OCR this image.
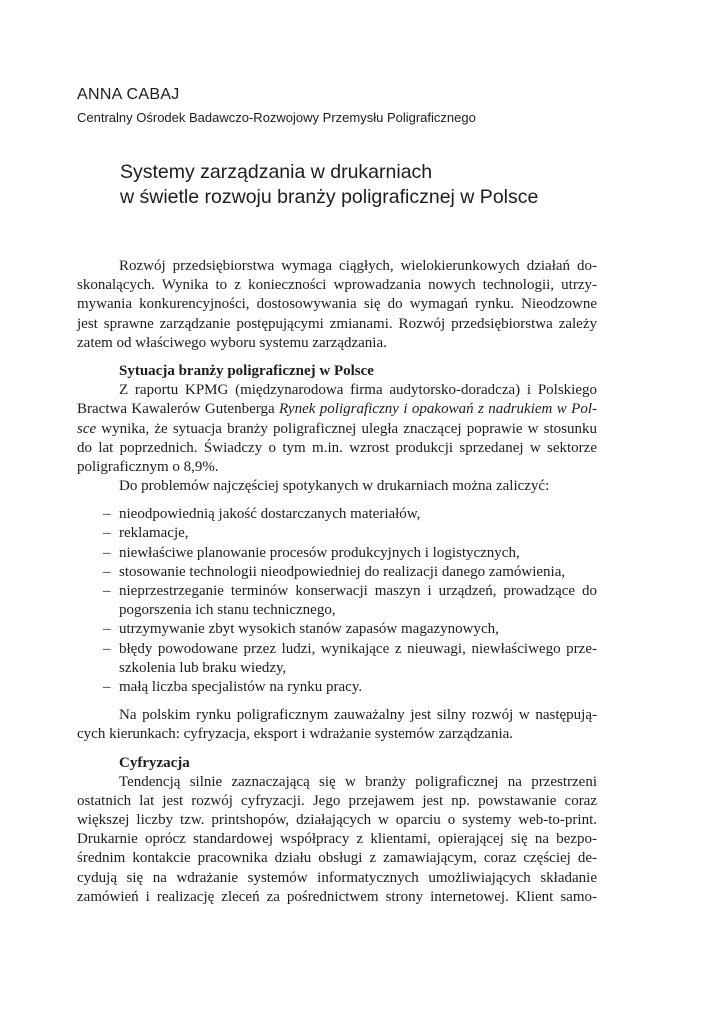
ANNA CABAJ
Centralny Ośrodek Badawczo-Rozwojowy Przemysłu Poligraficznego
Systemy zarządzania w drukarniach
w świetle rozwoju branży poligraficznej w Polsce
Rozwój przedsiębiorstwa wymaga ciągłych, wielokierunkowych działań do-
skonalących. Wynika to z konieczności wprowadzania nowych technologii, utrzy-
mywania konkurencyjności, dostosowywania się do wymagań rynku. Nieodzowne
jest sprawne zarządzanie postępującymi zmianami. Rozwój przedsiębiorstwa zależy
zatem od właściwego wyboru systemu zarządzania.
Sytuacja branży poligraficznej w Polsce
Z raportu KPMG (międzynarodowa firma audytorsko-doradcza) i Polskiego
Bractwa Kawalerów Gutenberga Rynek poligraficzny i opakowań z nadrukiem w Pol-
sce wynika, że sytuacja branży poligraficznej uległa znaczącej poprawie w stosunku
do lat poprzednich. Świadczy o tym m.in. wzrost produkcji sprzedanej w sektorze
poligraficznym o 8,9%.
Do problemów najczęściej spotykanych w drukarniach można zaliczyć:
– nieodpowiednią jakość dostarczanych materiałów,
– reklamacje,
– niewłaściwe planowanie procesów produkcyjnych i logistycznych,
– stosowanie technologii nieodpowiedniej do realizacji danego zamówienia,
– nieprzestrzeganie terminów konserwacji maszyn i urządzeń, prowadzące do
pogorszenia ich stanu technicznego,
– utrzymywanie zbyt wysokich stanów zapasów magazynowych,
– błędy powodowane przez ludzi, wynikające z nieuwagi, niewłaściwego prze-
szkolenia lub braku wiedzy,
– małą liczba specjalistów na rynku pracy.
Na polskim rynku poligraficznym zauważalny jest silny rozwój w następują-
cych kierunkach: cyfryzacja, eksport i wdrażanie systemów zarządzania.
Cyfryzacja
Tendencją silnie zaznaczającą się w branży poligraficznej na przestrzeni
ostatnich lat jest rozwój cyfryzacji. Jego przejawem jest np. powstawanie coraz
większej liczby tzw. printshopów, działających w oparciu o systemy web-to-print.
Drukarnie oprócz standardowej współpracy z klientami, opierającej się na bezpo-
średnim kontakcie pracownika działu obsługi z zamawiającym, coraz częściej de-
cydują się na wdrażanie systemów informatycznych umożliwiających składanie
zamówień i realizację zleceń za pośrednictwem strony internetowej. Klient samo-
